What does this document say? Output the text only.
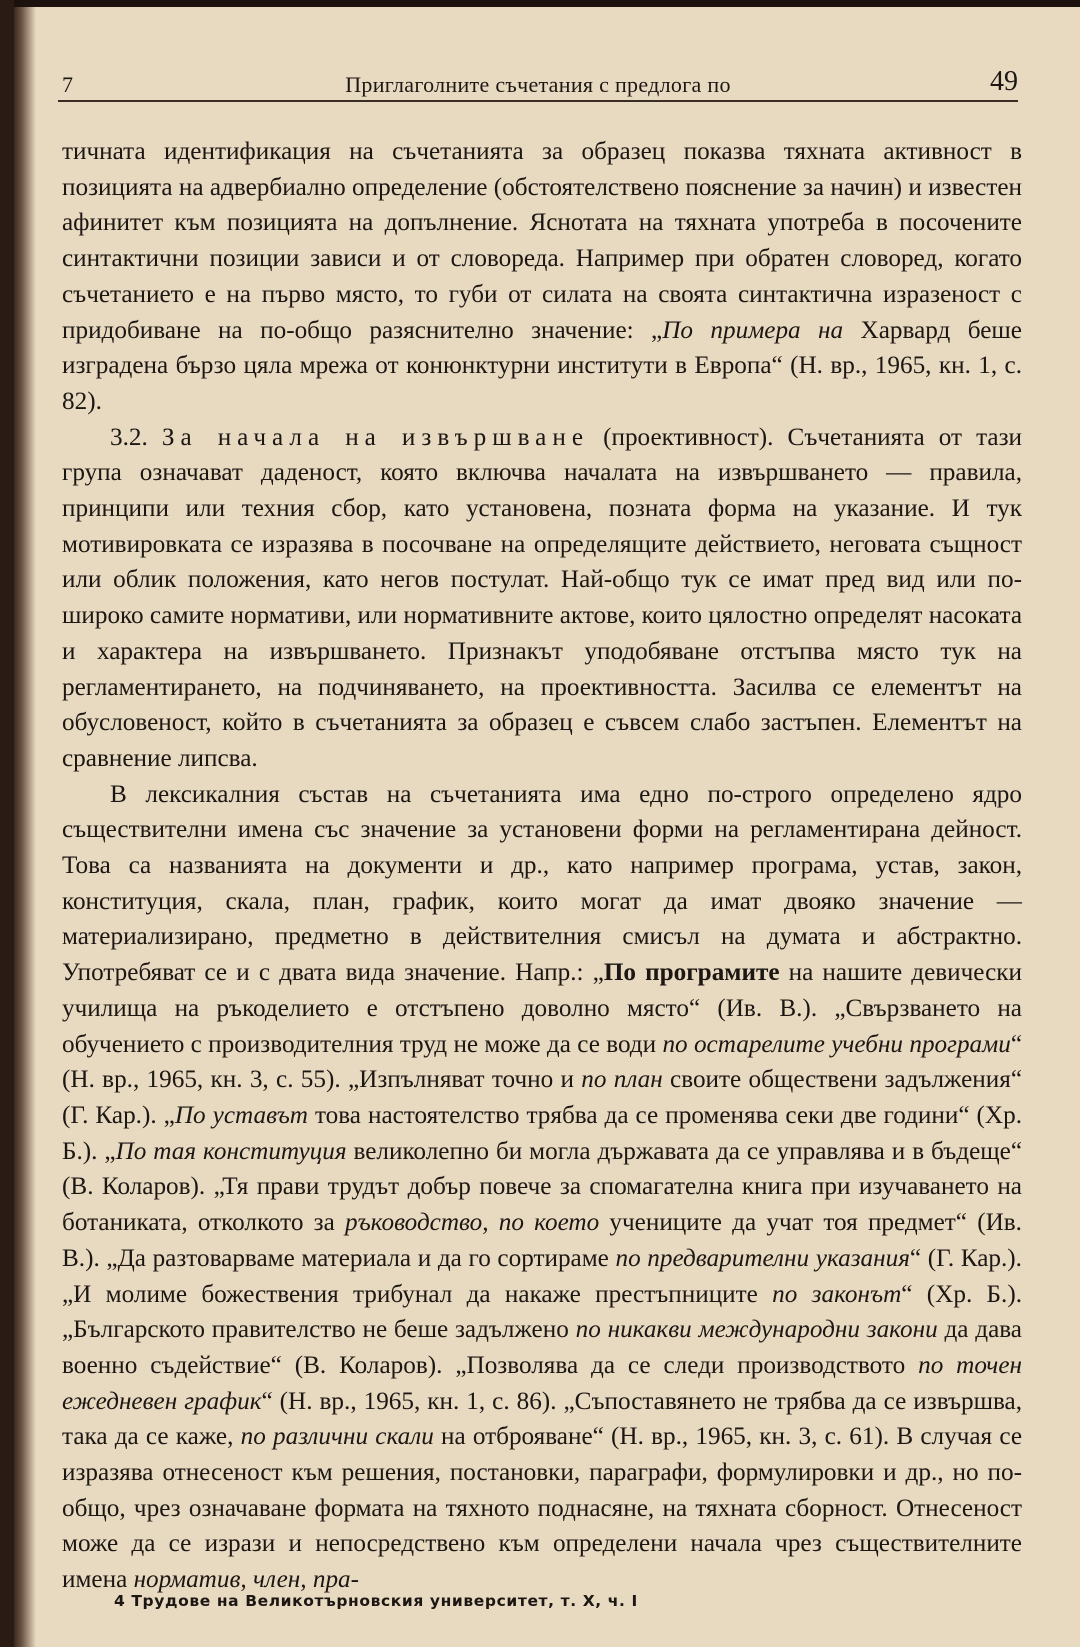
7	Приглаголните съчетания с предлога по	49

тичната идентификация на съчетанията за образец показва тяхната активност в позицията на адвербиално определение (обстоятелствено пояснение за начин) и известен афинитет към позицията на допълнение. Яснотата на тяхната употреба в посочените синтактични позиции зависи и от словореда. Например при обратен словоред, когато съчетанието е на първо място, то губи от силата на своята синтактична изразеност с придобиване на по-общо разяснително значение: „По примера на Харвард беше изградена бързо цяла мрежа от конюнктурни институти в Европа“ (Н. вр., 1965, кн. 1, с. 82).

3.2. За начала на извършване (проективност). Съчетанията от тази група означават даденост, която включва началата на извършването — правила, принципи или техния сбор, като установена, позната форма на указание. И тук мотивировката се изразява в посочване на определящите действието, неговата същност или облик положения, като негов постулат. Най-общо тук се имат пред вид или по-широко самите нормативи, или нормативните актове, които цялостно определят насоката и характера на извършването. Признакът уподобяване отстъпва място тук на регламентирането, на подчиняването, на проективността. Засилва се елементът на обусловеност, който в съчетанията за образец е съвсем слабо застъпен. Елементът на сравнение липсва.

В лексикалния състав на съчетанията има едно по-строго определено ядро съществителни имена със значение за установени форми на регламентирана дейност. Това са названията на документи и др., като например програма, устав, закон, конституция, скала, план, график, които могат да имат двояко значение — материализирано, предметно в действителния смисъл на думата и абстрактно. Употребяват се и с двата вида значение. Напр.: „По програмите на нашите девически училища на ръкоделието е отстъпено доволно място“ (Ив. В.). „Свързването на обучението с производителния труд не може да се води по остарелите учебни програми“ (Н. вр., 1965, кн. 3, с. 55). „Изпълняват точно и по план своите обществени задължения“ (Г. Кар.). „По уставът това настоятелство трябва да се променява секи две години“ (Хр. Б.). „По тая конституция великолепно би могла държавата да се управлява и в бъдеще“ (В. Коларов). „Тя прави трудът добър повече за спомагателна книга при изучаването на ботаниката, отколкото за ръководство, по което учениците да учат тоя предмет“ (Ив. В.). „Да разтоварваме материала и да го сортираме по предварителни указания“ (Г. Кар.). „И молиме божествения трибунал да накаже престъпниците по законът“ (Хр. Б.). „Българското правителство не беше задължено по никакви международни закони да дава военно съдействие“ (В. Коларов). „Позволява да се следи производството по точен ежедневен график“ (Н. вр., 1965, кн. 1, с. 86). „Съпоставянето не трябва да се извършва, така да се каже, по различни скали на отброяване“ (Н. вр., 1965, кн. 3, с. 61). В случая се изразява отнесеност към решения, постановки, параграфи, формулировки и др., но по-общо, чрез означаване формата на тяхното поднасяне, на тяхната сборност. Отнесеност може да се изрази и непосредствено към определени начала чрез съществителните имена норматив, член, пра-

4 Трудове на Великотърновския университет, т. X, ч. I
